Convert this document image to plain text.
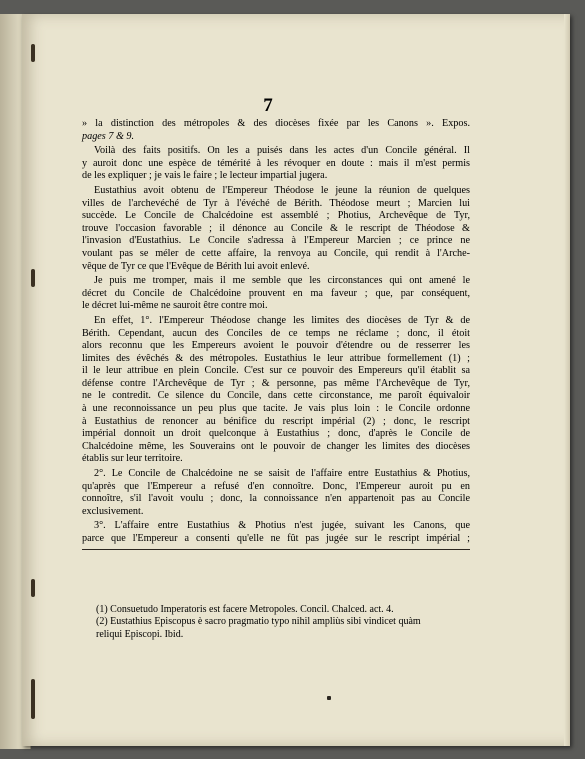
7
» la distinction des métropoles & des diocèses fixée par les Canons ». Expos.
pages 7 & 9.
Voilà des faits positifs. On les a puisés dans les actes d'un Concile général. Il
y auroit donc une espèce de témérité à les révoquer en doute : mais il m'est permis
de les expliquer ; je vais le faire ; le lecteur impartial jugera.
Eustathius avoit obtenu de l'Empereur Théodose le jeune la réunion de quelques
villes de l'archevéché de Tyr à l'évéché de Bérith. Théodose meurt ; Marcien lui
succède. Le Concile de Chalcédoine est assemblé ; Photius, Archevêque de Tyr,
trouve l'occasion favorable ; il dénonce au Concile & le rescript de Théodose &
l'invasion d'Eustathius. Le Concile s'adressa à l'Empereur Marcien ; ce prince ne
voulant pas se méler de cette affaire, la renvoya au Concile, qui rendit à l'Arche-
vêque de Tyr ce que l'Evêque de Bérith lui avoit enlevé.
Je puis me tromper, mais il me semble que les circonstances qui ont amené le
décret du Concile de Chalcédoine prouvent en ma faveur ; que, par conséquent,
le décret lui-même ne sauroit être contre moi.
En effet, 1°. l'Empereur Théodose change les limites des diocèses de Tyr & de
Bérith. Cependant, aucun des Conciles de ce temps ne réclame ; donc, il étoit
alors reconnu que les Empereurs avoient le pouvoir d'étendre ou de resserrer les
limites des évêchés & des métropoles. Eustathius le leur attribue formellement (1) ;
il le leur attribue en plein Concile. C'est sur ce pouvoir des Empereurs qu'il établit sa
défense contre l'Archevêque de Tyr ; & personne, pas même l'Archevêque de Tyr,
ne le contredit. Ce silence du Concile, dans cette circonstance, me paroît équivaloir
à une reconnoissance un peu plus que tacite. Je vais plus loin : le Concile ordonne
à Eustathius de renoncer au bénifice du rescript impérial (2) ; donc, le rescript
impérial donnoit un droit quelconque à Eustathius ; donc, d'après le Concile de
Chalcédoine même, les Souverains ont le pouvoir de changer les limites des diocèses
établis sur leur territoire.
2°. Le Concile de Chalcédoine ne se saisit de l'affaire entre Eustathius & Photius,
qu'après que l'Empereur a refusé d'en connoître. Donc, l'Empereur auroit pu en
connoître, s'il l'avoit voulu ; donc, la connoissance n'en appartenoit pas au Concile
exclusivement.
3°. L'affaire entre Eustathius & Photius n'est jugée, suivant les Canons, que
parce que l'Empereur a consenti qu'elle ne fût pas jugée sur le rescript impérial ;
(1) Consuetudo Imperatoris est facere Metropoles. Concil. Chalced. act. 4.
(2) Eustathius Episcopus è sacro pragmatio typo nihil ampliùs sibi vindicet quàm
reliqui Episcopi. Ibid.
